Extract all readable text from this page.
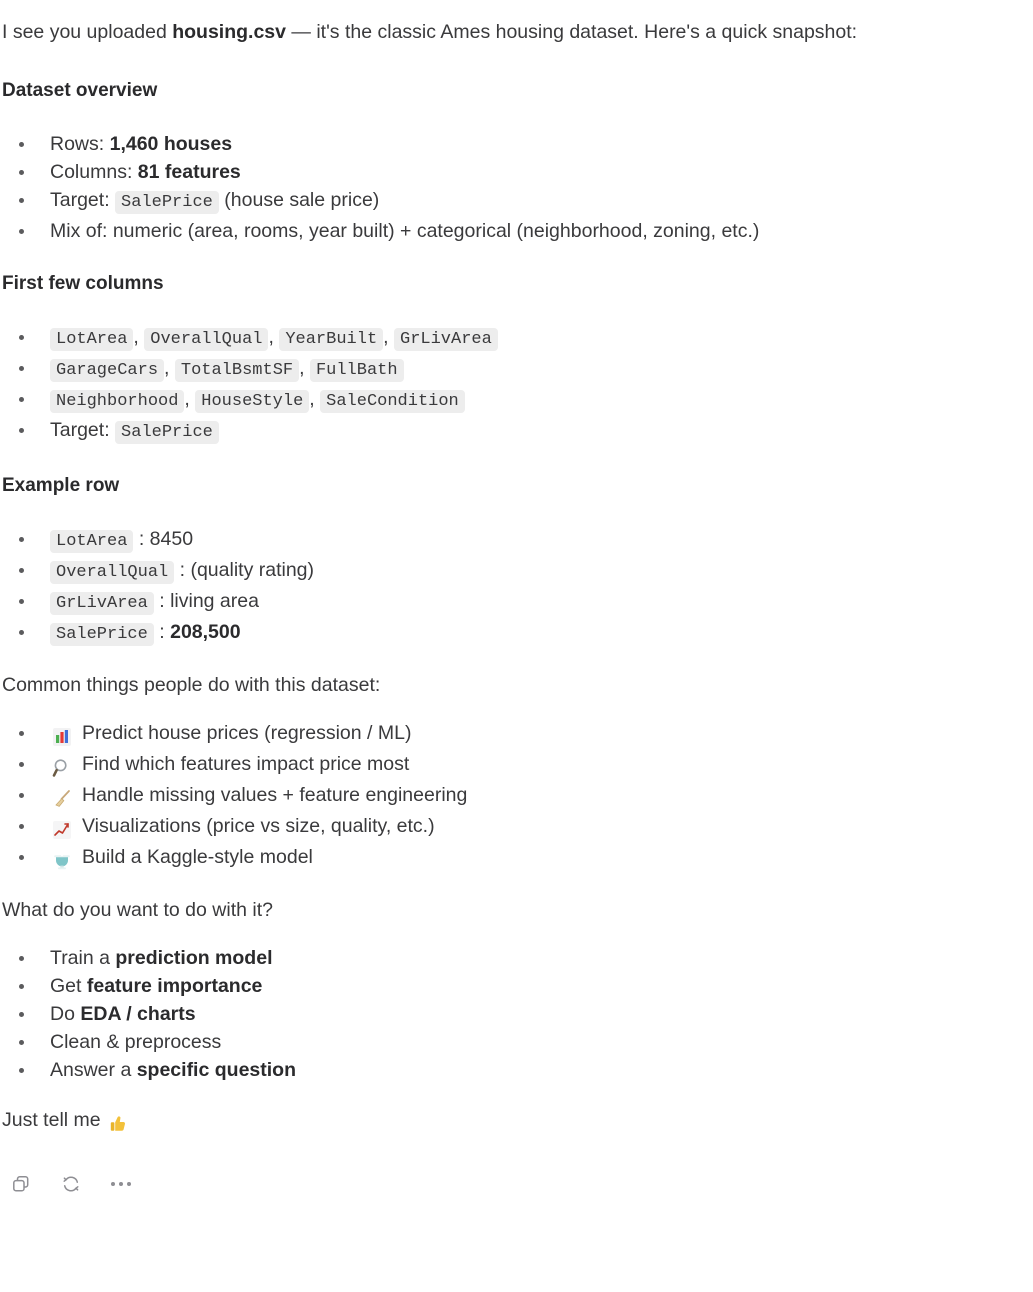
I see you uploaded housing.csv — it's the classic Ames housing dataset. Here's a quick snapshot:

Dataset overview
Rows: 1,460 houses
Columns: 81 features
Target: SalePrice (house sale price)
Mix of: numeric (area, rooms, year built) + categorical (neighborhood, zoning, etc.)
First few columns
LotArea , OverallQual , YearBuilt , GrLivArea
GarageCars , TotalBsmtSF , FullBath
Neighborhood , HouseStyle , SaleCondition
Target: SalePrice
Example row
LotArea : 8450
OverallQual : (quality rating)
GrLivArea : living area
SalePrice : 208,500

Common things people do with this dataset:

Predict house prices (regression / ML)
Find which features impact price most
Handle missing values + feature engineering
Visualizations (price vs size, quality, etc.)
Build a Kaggle-style model

What do you want to do with it?

Train a prediction model
Get feature importance
Do EDA / charts
Clean & preprocess
Answer a specific question

Just tell me
